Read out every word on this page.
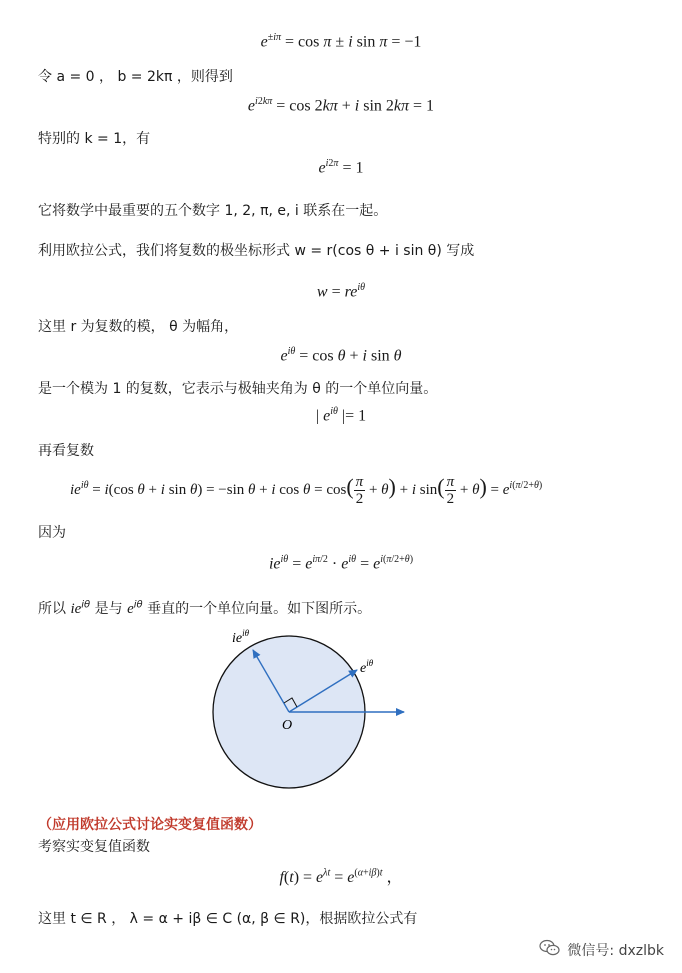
$e^{\pm i\pi} = \cos \pi \pm i$ sin π = −1
令 a = 0 ， b = 2kπ ，则得到
$e^{i2k\pi} = \cos 2k\pi + i$ sin 2kπ = 1
特别的 k = 1，有
$e^{i2\pi} = 1$
它将数学中最重要的五个数字 1, 2, π, e, i 联系在一起。
利用欧拉公式，我们将复数的极坐标形式 w = r(cos θ + i sin θ) 写成
$w = re^{i\theta}$
这里 r 为复数的模， θ 为幅角，
$e^{i\theta} = \cos \theta + i$ sin θ
是一个模为 1 的复数，它表示与极轴夹角为 θ 的一个单位向量。
| $e^{i\theta}$ |= 1
再看复数
$ie^{i\theta} = i(\cos$ θ + i sin θ) = −sin θ + i $\cos \theta = \cos(\frac{\pi}{2} + \theta) + i$ $\sin(\frac{\pi}{2} + \theta) = e^{i(\pi/2+\theta)}$
因为
$ie^{i\theta} = e^{i\pi/2} \cdot e^{i\theta} = e^{i(\pi/2+\theta)}$
所以 $ie^{i\theta}$ 是与 $e^{i\theta}$ 垂直的一个单位向量。如下图所示。
$ie^{i\theta}$
$e^{i\theta}$
O
（应用欧拉公式讨论实变复值函数）
考察实变复值函数
$f(t) = e^{\lambda t} = e^{(\alpha+i\beta)t}$ ，
这里 t ∈ R ， λ = α + iβ ∈ C (α, β ∈ R)，根据欧拉公式有
微信号: dxzlbk
